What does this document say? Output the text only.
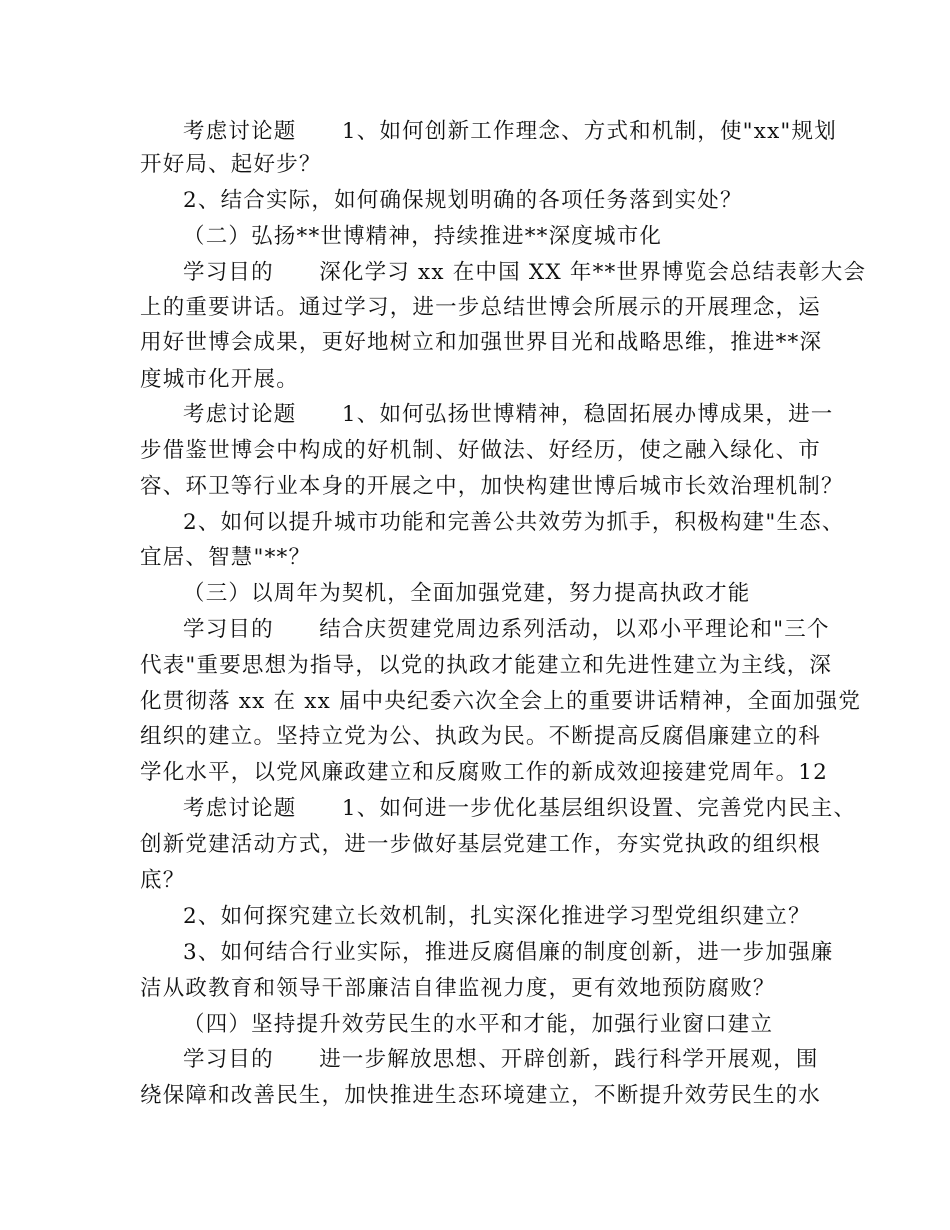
考虑讨论题　　1、如何创新工作理念、方式和机制，使"xx"规划
开好局、起好步？
2、结合实际，如何确保规划明确的各项任务落到实处？
（二）弘扬**世博精神，持续推进**深度城市化
学习目的　　深化学习 xx 在中国 XX 年**世界博览会总结表彰大会
上的重要讲话。通过学习，进一步总结世博会所展示的开展理念，运
用好世博会成果，更好地树立和加强世界目光和战略思维，推进**深
度城市化开展。
考虑讨论题　　1、如何弘扬世博精神，稳固拓展办博成果，进一
步借鉴世博会中构成的好机制、好做法、好经历，使之融入绿化、市
容、环卫等行业本身的开展之中，加快构建世博后城市长效治理机制？
2、如何以提升城市功能和完善公共效劳为抓手，积极构建"生态、
宜居、智慧"**？
（三）以周年为契机，全面加强党建，努力提高执政才能
学习目的　　结合庆贺建党周边系列活动，以邓小平理论和"三个
代表"重要思想为指导，以党的执政才能建立和先进性建立为主线，深
化贯彻落 xx 在 xx 届中央纪委六次全会上的重要讲话精神，全面加强党
组织的建立。坚持立党为公、执政为民。不断提高反腐倡廉建立的科
学化水平，以党风廉政建立和反腐败工作的新成效迎接建党周年。12
考虑讨论题　　1、如何进一步优化基层组织设置、完善党内民主、
创新党建活动方式，进一步做好基层党建工作，夯实党执政的组织根
底？
2、如何探究建立长效机制，扎实深化推进学习型党组织建立？
3、如何结合行业实际，推进反腐倡廉的制度创新，进一步加强廉
洁从政教育和领导干部廉洁自律监视力度，更有效地预防腐败？
（四）坚持提升效劳民生的水平和才能，加强行业窗口建立
学习目的　　进一步解放思想、开辟创新，践行科学开展观，围
绕保障和改善民生，加快推进生态环境建立，不断提升效劳民生的水
